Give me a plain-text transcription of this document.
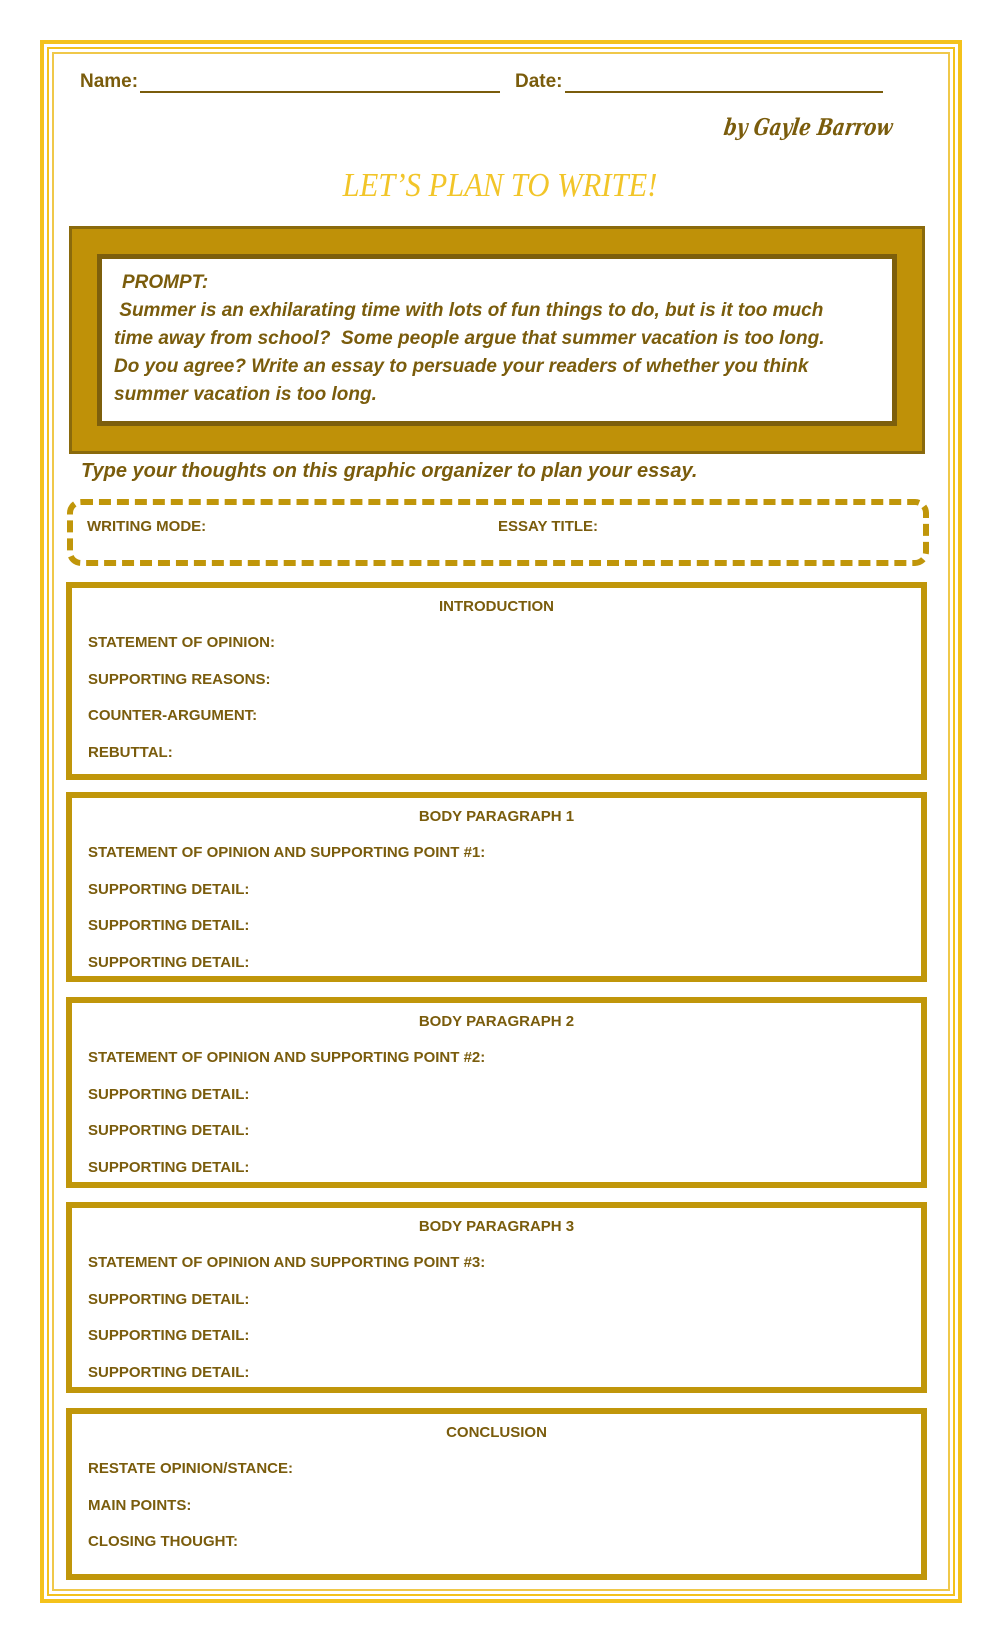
Name:	Date:
by Gayle Barrow
LET’S PLAN TO WRITE!
PROMPT:
Summer is an exhilarating time with lots of fun things to do, but is it too much
time away from school?  Some people argue that summer vacation is too long.
Do you agree? Write an essay to persuade your readers of whether you think
summer vacation is too long.
Type your thoughts on this graphic organizer to plan your essay.
WRITING MODE:	ESSAY TITLE:
INTRODUCTION
STATEMENT OF OPINION:
SUPPORTING REASONS:
COUNTER-ARGUMENT:
REBUTTAL:
BODY PARAGRAPH 1
STATEMENT OF OPINION AND SUPPORTING POINT #1:
SUPPORTING DETAIL:
SUPPORTING DETAIL:
SUPPORTING DETAIL:
BODY PARAGRAPH 2
STATEMENT OF OPINION AND SUPPORTING POINT #2:
SUPPORTING DETAIL:
SUPPORTING DETAIL:
SUPPORTING DETAIL:
BODY PARAGRAPH 3
STATEMENT OF OPINION AND SUPPORTING POINT #3:
SUPPORTING DETAIL:
SUPPORTING DETAIL:
SUPPORTING DETAIL:
CONCLUSION
RESTATE OPINION/STANCE:
MAIN POINTS:
CLOSING THOUGHT:
